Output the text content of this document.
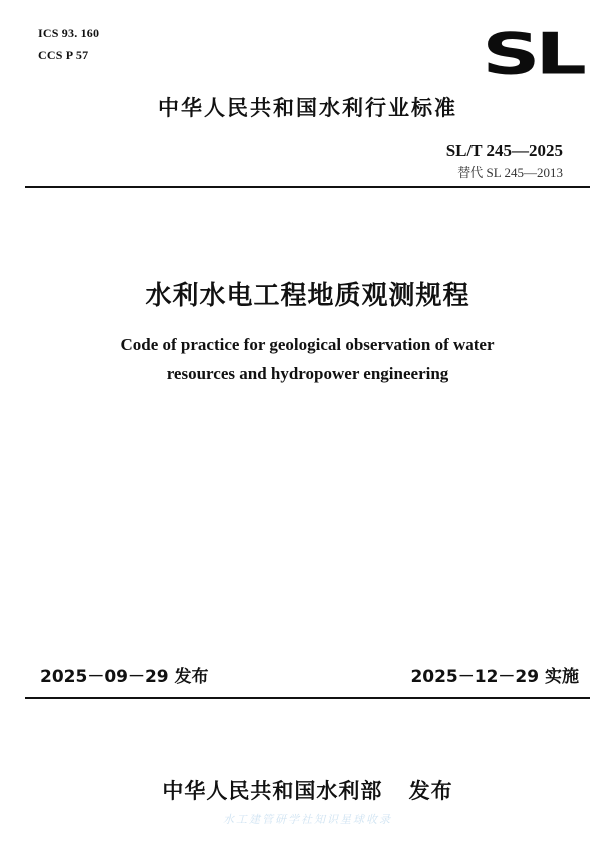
ICS 93. 160
CCS P 57	SL
中华人民共和国水利行业标准
SL/T 245—2025
替代 SL 245—2013
水利水电工程地质观测规程
Code of practice for geological observation of water
resources and hydropower engineering
2025－09－29 发布	2025－12－29 实施
中华人民共和国水利部 发布
水工建管研学社知识星球收录
